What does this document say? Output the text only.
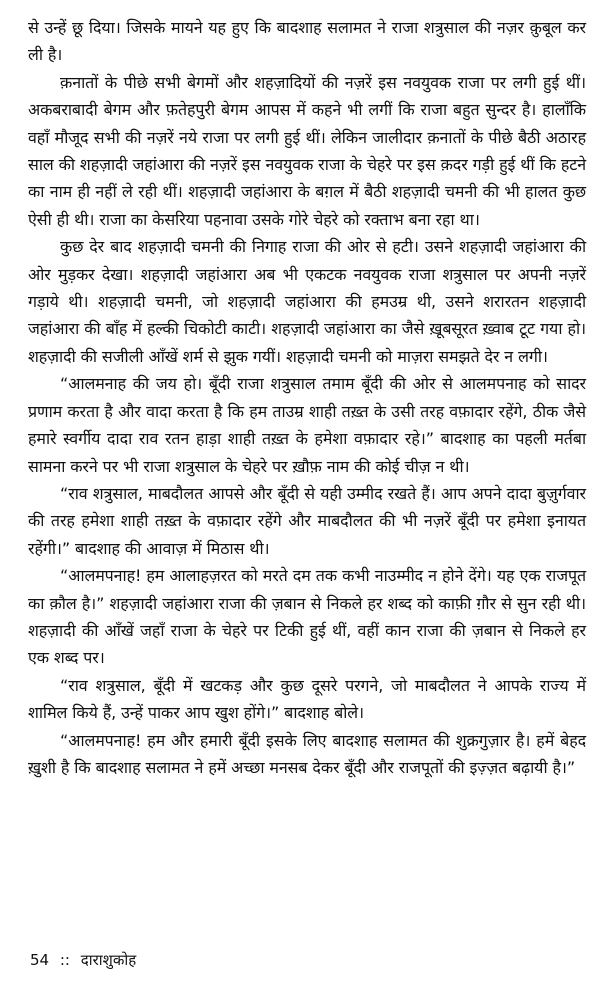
से उन्हें छू दिया। जिसके मायने यह हुए कि बादशाह सलामत ने राजा शत्रुसाल की नज़र क़ुबूल कर ली है।

क़नातों के पीछे सभी बेगमों और शहज़ादियों की नज़रें इस नवयुवक राजा पर लगी हुई थीं। अकबराबादी बेगम और फ़तेहपुरी बेगम आपस में कहने भी लगीं कि राजा बहुत सुन्दर है। हालाँकि वहाँ मौजूद सभी की नज़रें नये राजा पर लगी हुई थीं। लेकिन जालीदार क़नातों के पीछे बैठी अठारह साल की शहज़ादी जहांआरा की नज़रें इस नवयुवक राजा के चेहरे पर इस क़दर गड़ी हुई थीं कि हटने का नाम ही नहीं ले रही थीं। शहज़ादी जहांआरा के बग़ल में बैठी शहज़ादी चमनी की भी हालत कुछ ऐसी ही थी। राजा का केसरिया पहनावा उसके गोरे चेहरे को रक्ताभ बना रहा था।

कुछ देर बाद शहज़ादी चमनी की निगाह राजा की ओर से हटी। उसने शहज़ादी जहांआरा की ओर मुड़कर देखा। शहज़ादी जहांआरा अब भी एकटक नवयुवक राजा शत्रुसाल पर अपनी नज़रें गड़ाये थी। शहज़ादी चमनी, जो शहज़ादी जहांआरा की हमउम्र थी, उसने शरारतन शहज़ादी जहांआरा की बाँह में हल्की चिकोटी काटी। शहज़ादी जहांआरा का जैसे ख़ूबसूरत ख़्वाब टूट गया हो। शहज़ादी की सजीली आँखें शर्म से झुक गयीं। शहज़ादी चमनी को माज़रा समझते देर न लगी।

“आलमनाह की जय हो। बूँदी राजा शत्रुसाल तमाम बूँदी की ओर से आलमपनाह को सादर प्रणाम करता है और वादा करता है कि हम ताउम्र शाही तख़्त के उसी तरह वफ़ादार रहेंगे, ठीक जैसे हमारे स्वर्गीय दादा राव रतन हाड़ा शाही तख़्त के हमेशा वफ़ादार रहे।” बादशाह का पहली मर्तबा सामना करने पर भी राजा शत्रुसाल के चेहरे पर ख़ौफ़ नाम की कोई चीज़ न थी।

“राव शत्रुसाल, माबदौलत आपसे और बूँदी से यही उम्मीद रखते हैं। आप अपने दादा बुज़ुर्गवार की तरह हमेशा शाही तख़्त के वफ़ादार रहेंगे और माबदौलत की भी नज़रें बूँदी पर हमेशा इनायत रहेंगी।” बादशाह की आवाज़ में मिठास थी।

“आलमपनाह! हम आलाहज़रत को मरते दम तक कभी नाउम्मीद न होने देंगे। यह एक राजपूत का क़ौल है।” शहज़ादी जहांआरा राजा की ज़बान से निकले हर शब्द को काफ़ी ग़ौर से सुन रही थी। शहज़ादी की आँखें जहाँ राजा के चेहरे पर टिकी हुई थीं, वहीं कान राजा की ज़बान से निकले हर एक शब्द पर।

“राव शत्रुसाल, बूँदी में खटकड़ और कुछ दूसरे परगने, जो माबदौलत ने आपके राज्य में शामिल किये हैं, उन्हें पाकर आप खुश होंगे।” बादशाह बोले।

“आलमपनाह! हम और हमारी बूँदी इसके लिए बादशाह सलामत की शुक्रगुज़ार है। हमें बेहद ख़ुशी है कि बादशाह सलामत ने हमें अच्छा मनसब देकर बूँदी और राजपूतों की इज़्ज़त बढ़ायी है।”

54 :: दाराशुकोह
